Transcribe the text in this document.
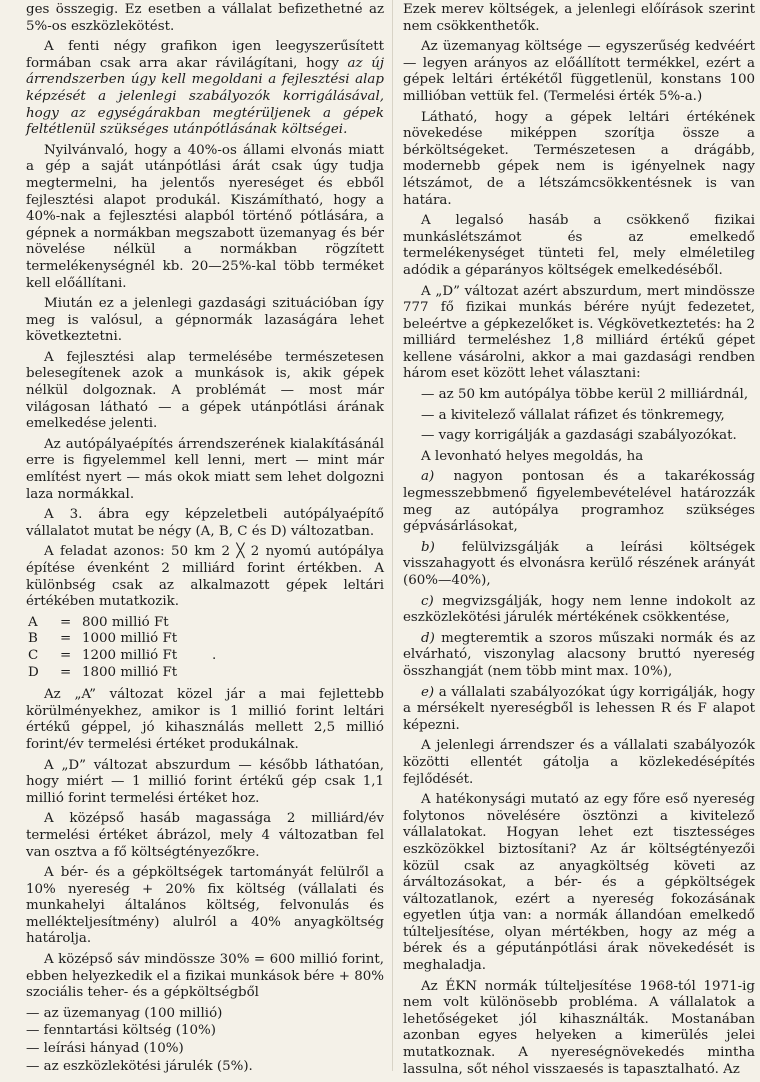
ges összegig. Ez esetben a vállalat befizethetné az 5%-os eszközlekötést.

A fenti négy grafikon igen leegyszerűsített formában csak arra akar rávilágítani, hogy az új árrendszerben úgy kell megoldani a fejlesztési alap képzését a jelenlegi szabályozók korrigálásával, hogy az egységárakban megtérüljenek a gépek feltétlenül szükséges utánpótlásának költségei.

Nyilvánvaló, hogy a 40%-os állami elvonás miatt a gép a saját utánpótlási árát csak úgy tudja megtermelni, ha jelentős nyereséget és ebből fejlesztési alapot produkál. Kiszámítható, hogy a 40%-nak a fejlesztési alapból történő pótlására, a gépnek a normákban megszabott üzemanyag és bér növelése nélkül a normákban rögzített termelékenységnél kb. 20—25%-kal több terméket kell előállítani.

Miután ez a jelenlegi gazdasági szituációban így meg is valósul, a gépnormák lazaságára lehet következtetni.

A fejlesztési alap termelésébe természetesen belesegítenek azok a munkások is, akik gépek nélkül dolgoznak. A problémát — most már világosan látható — a gépek utánpótlási árának emelkedése jelenti.

Az autópályaépítés árrendszerének kialakításánál erre is figyelemmel kell lenni, mert — mint már említést nyert — más okok miatt sem lehet dolgozni laza normákkal.

A 3. ábra egy képzeletbeli autópályaépítő vállalatot mutat be négy (A, B, C és D) változatban.

A feladat azonos: 50 km 2 ╳ 2 nyomú autópálya építése évenként 2 milliárd forint értékben. A különbség csak az alkalmazott gépek leltári értékében mutatkozik.

A	= 800 millió Ft
B	= 1000 millió Ft
C	= 1200 millió Ft	.
D	= 1800 millió Ft

Az „A” változat közel jár a mai fejlettebb körülményekhez, amikor is 1 millió forint leltári értékű géppel, jó kihasználás mellett 2,5 millió forint/év termelési értéket produkálnak.

A „D” változat abszurdum — később láthatóan, hogy miért — 1 millió forint értékű gép csak 1,1 millió forint termelési értéket hoz.

A középső hasáb magassága 2 milliárd/év termelési értéket ábrázol, mely 4 változatban fel van osztva a fő költségtényezőkre.

A bér- és a gépköltségek tartományát felülről a 10% nyereség + 20% fix költség (vállalati és munkahelyi általános költség, felvonulás és mellékteljesítmény) alulról a 40% anyagköltség határolja.

A középső sáv mindössze 30% = 600 millió forint, ebben helyezkedik el a fizikai munkások bére + 80% szociális teher- és a gépköltségből

— az üzemanyag (100 millió)

— fenntartási költség (10%)

— leírási hányad (10%)

— az eszközlekötési járulék (5%).

Ezek merev költségek, a jelenlegi előírások szerint nem csökkenthetők.

Az üzemanyag költsége — egyszerűség kedvéért — legyen arányos az előállított termékkel, ezért a gépek leltári értékétől függetlenül, konstans 100 millióban vettük fel. (Termelési érték 5%-a.)

Látható, hogy a gépek leltári értékének növekedése miképpen szorítja össze a bérköltségeket. Természetesen a drágább, modernebb gépek nem is igényelnek nagy létszámot, de a létszámcsökkentésnek is van határa.

A legalsó hasáb a csökkenő fizikai munkáslétszámot és az emelkedő termelékenységet tünteti fel, mely elméletileg adódik a géparányos költségek emelkedéséből.

A „D” változat azért abszurdum, mert mindössze 777 fő fizikai munkás bérére nyújt fedezetet, beleértve a gépkezelőket is. Végkövetkeztetés: ha 2 milliárd termeléshez 1,8 milliárd értékű gépet kellene vásárolni, akkor a mai gazdasági rendben három eset között lehet választani:

— az 50 km autópálya többe kerül 2 milliárdnál,

— a kivitelező vállalat ráfizet és tönkremegy,

— vagy korrigálják a gazdasági szabályozókat.

A levonható helyes megoldás, ha

a) nagyon pontosan és a takarékosság legmesszebbmenő figyelembevételével határozzák meg az autópálya programhoz szükséges gépvásárlásokat,

b) felülvizsgálják a leírási költségek visszahagyott és elvonásra kerülő részének arányát (60%—40%),

c) megvizsgálják, hogy nem lenne indokolt az eszközlekötési járulék mértékének csökkentése,

d) megteremtik a szoros műszaki normák és az elvárható, viszonylag alacsony bruttó nyereség összhangját (nem több mint max. 10%),

e) a vállalati szabályozókat úgy korrigálják, hogy a mérsékelt nyereségből is lehessen R és F alapot képezni.

A jelenlegi árrendszer és a vállalati szabályozók közötti ellentét gátolja a közlekedésépítés fejlődését.

A hatékonysági mutató az egy főre eső nyereség folytonos növelésére ösztönzi a kivitelező vállalatokat. Hogyan lehet ezt tisztességes eszközökkel biztosítani? Az ár költségtényezői közül csak az anyagköltség követi az árváltozásokat, a bér- és a gépköltségek változatlanok, ezért a nyereség fokozásának egyetlen útja van: a normák állandóan emelkedő túlteljesítése, olyan mértékben, hogy az még a bérek és a géputánpótlási árak növekedését is meghaladja.

Az ÉKN normák túlteljesítése 1968-tól 1971-ig nem volt különösebb probléma. A vállalatok a lehetőségeket jól kihasználták. Mostanában azonban egyes helyeken a kimerülés jelei mutatkoznak. A nyereségnövekedés mintha lassulna, sőt néhol visszaesés is tapasztalható. Az
